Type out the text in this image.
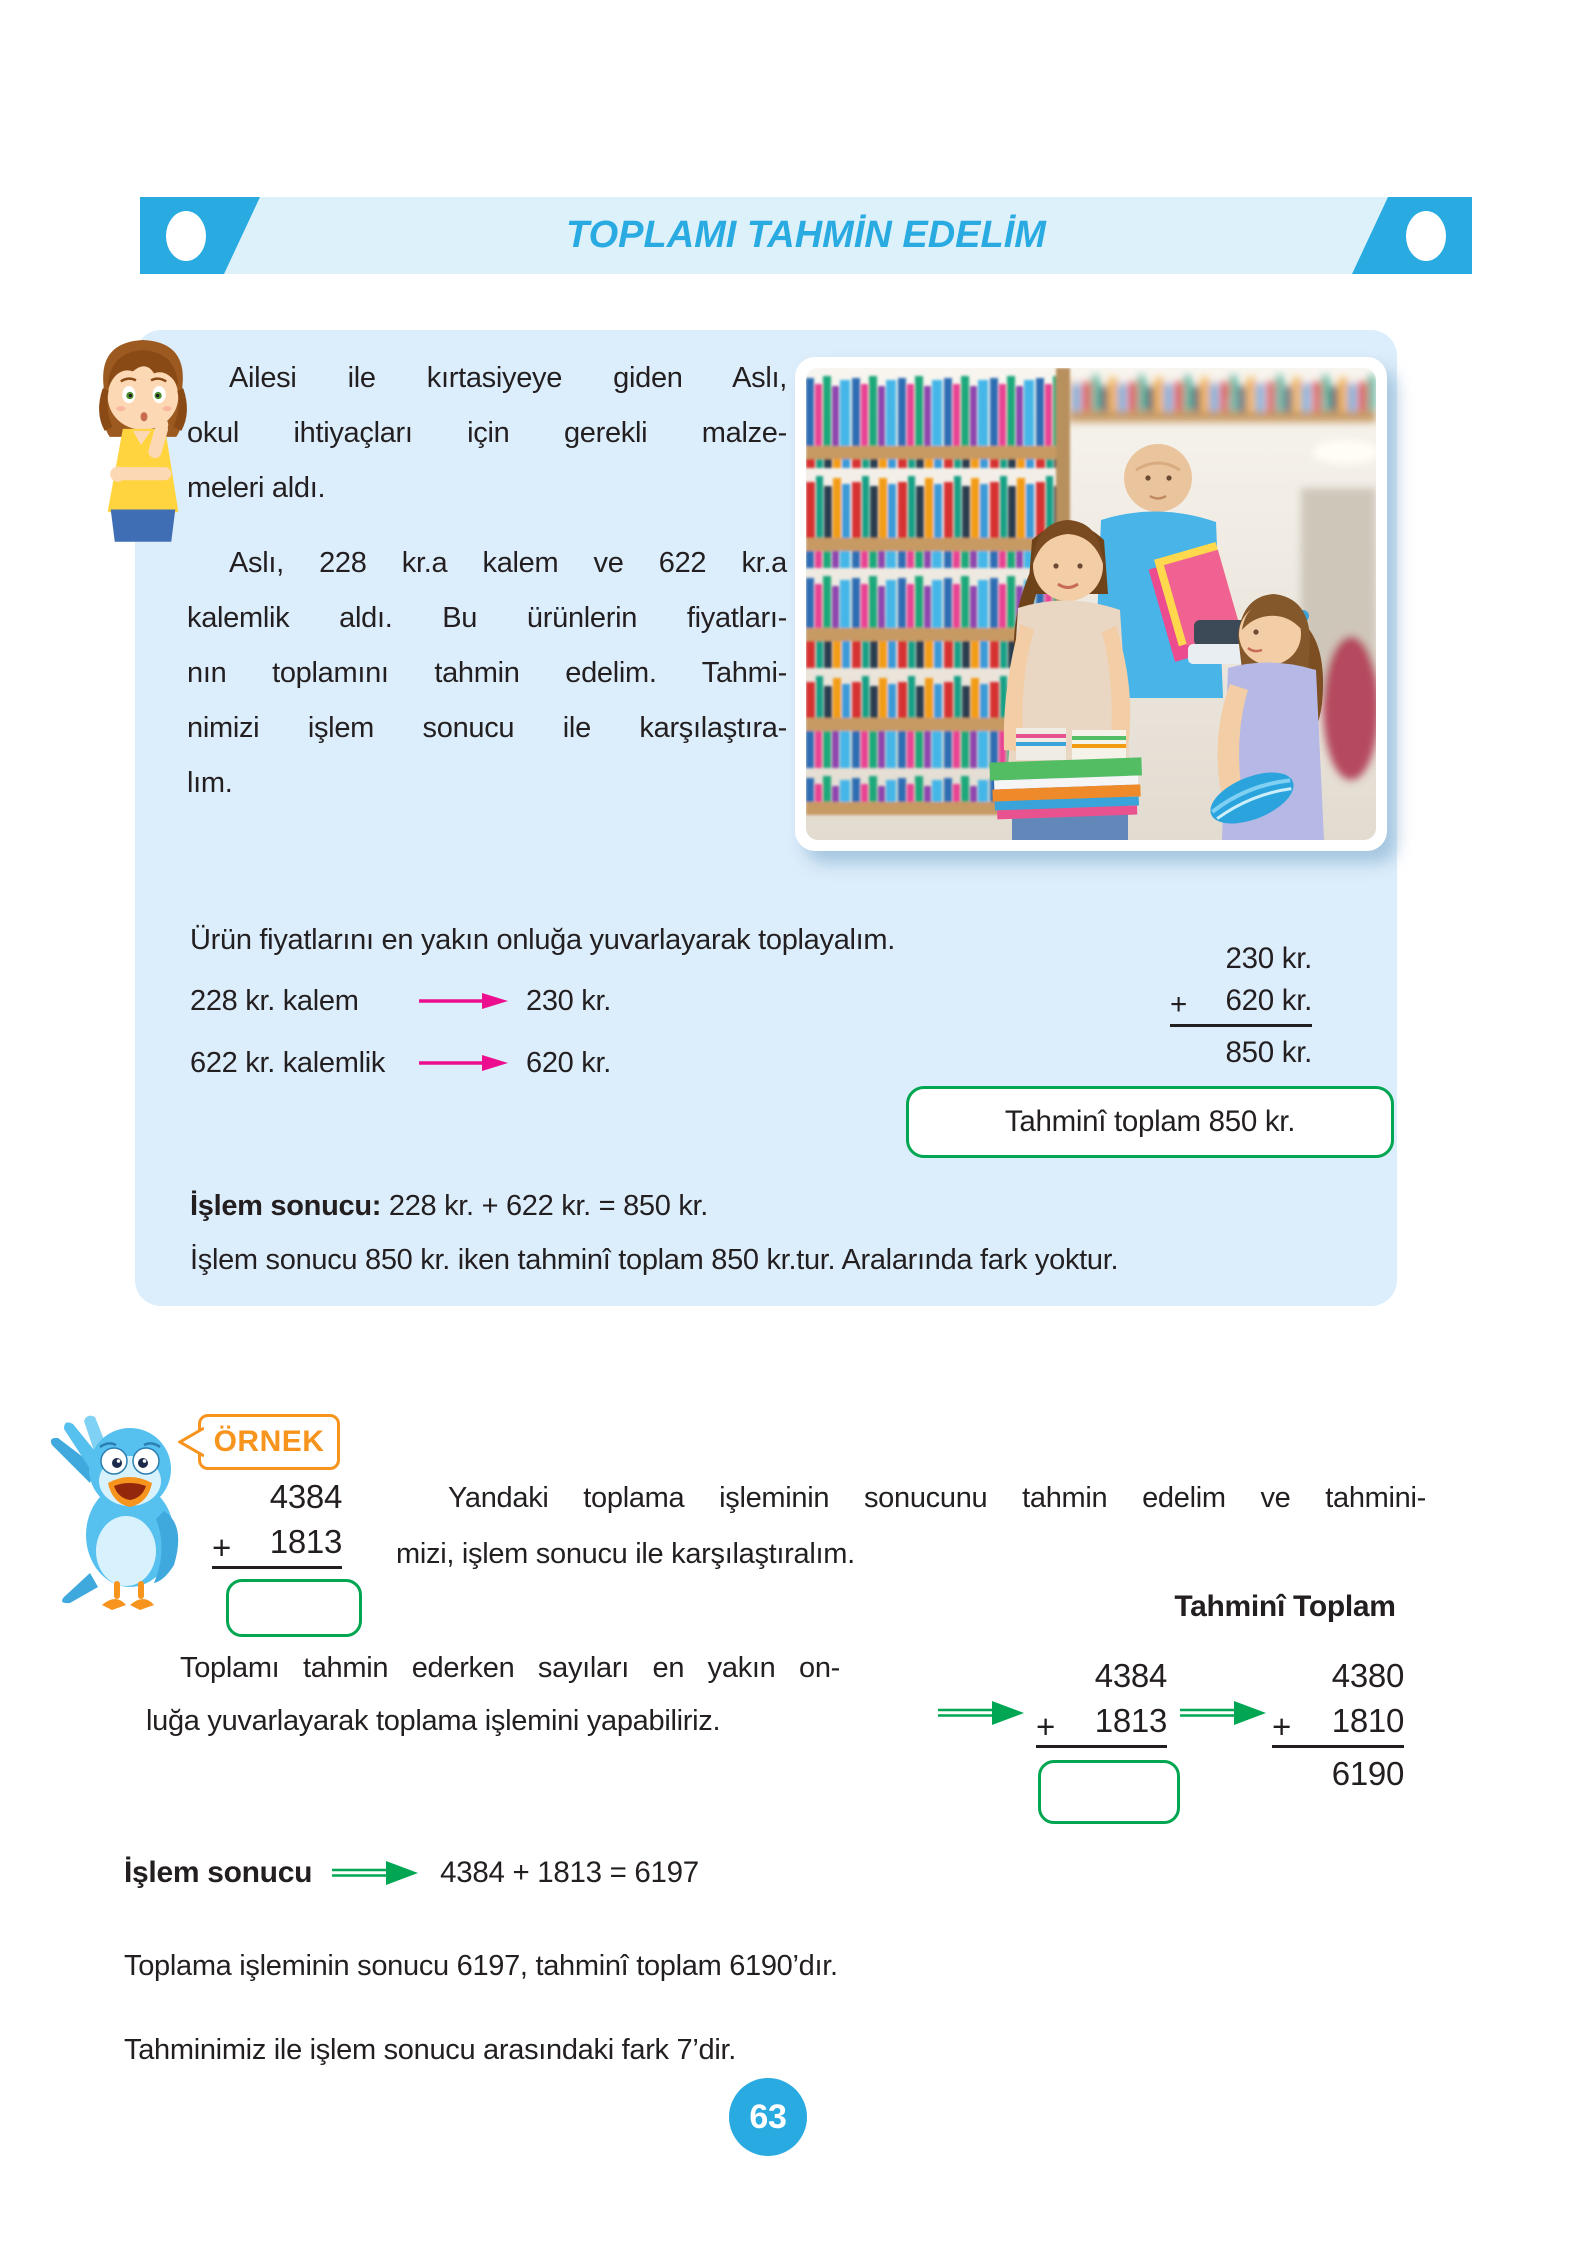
TOPLAMI TAHMİN EDELİM
Ailesi ile kırtasiyeye giden Aslı,
okul ihtiyaçları için gerekli malze-
meleri aldı.
Aslı, 228 kr.a kalem ve 622 kr.a
kalemlik aldı. Bu ürünlerin fiyatları-
nın toplamını tahmin edelim. Tahmi-
nimizi işlem sonucu ile karşılaştıra-
lım.
Ürün fiyatlarını en yakın onluğa yuvarlayarak toplayalım.
228 kr. kalem	230 kr.
622 kr. kalemlik	620 kr.
230 kr.
+ 620 kr.
850 kr.
Tahminî toplam 850 kr.
İşlem sonucu: 228 kr. + 622 kr. = 850 kr.
İşlem sonucu 850 kr. iken tahminî toplam 850 kr.tur. Aralarında fark yoktur.
ÖRNEK
4384
+ 1813
Yandaki toplama işleminin sonucunu tahmin edelim ve tahmini-
mizi, işlem sonucu ile karşılaştıralım.
Tahminî Toplam
Toplamı tahmin ederken sayıları en yakın on-
luğa yuvarlayarak toplama işlemini yapabiliriz.
4384
+ 1813
4380
+ 1810
6190
İşlem sonucu	4384 + 1813 = 6197
Toplama işleminin sonucu 6197, tahminî toplam 6190’dır.
Tahminimiz ile işlem sonucu arasındaki fark 7’dir.
63
